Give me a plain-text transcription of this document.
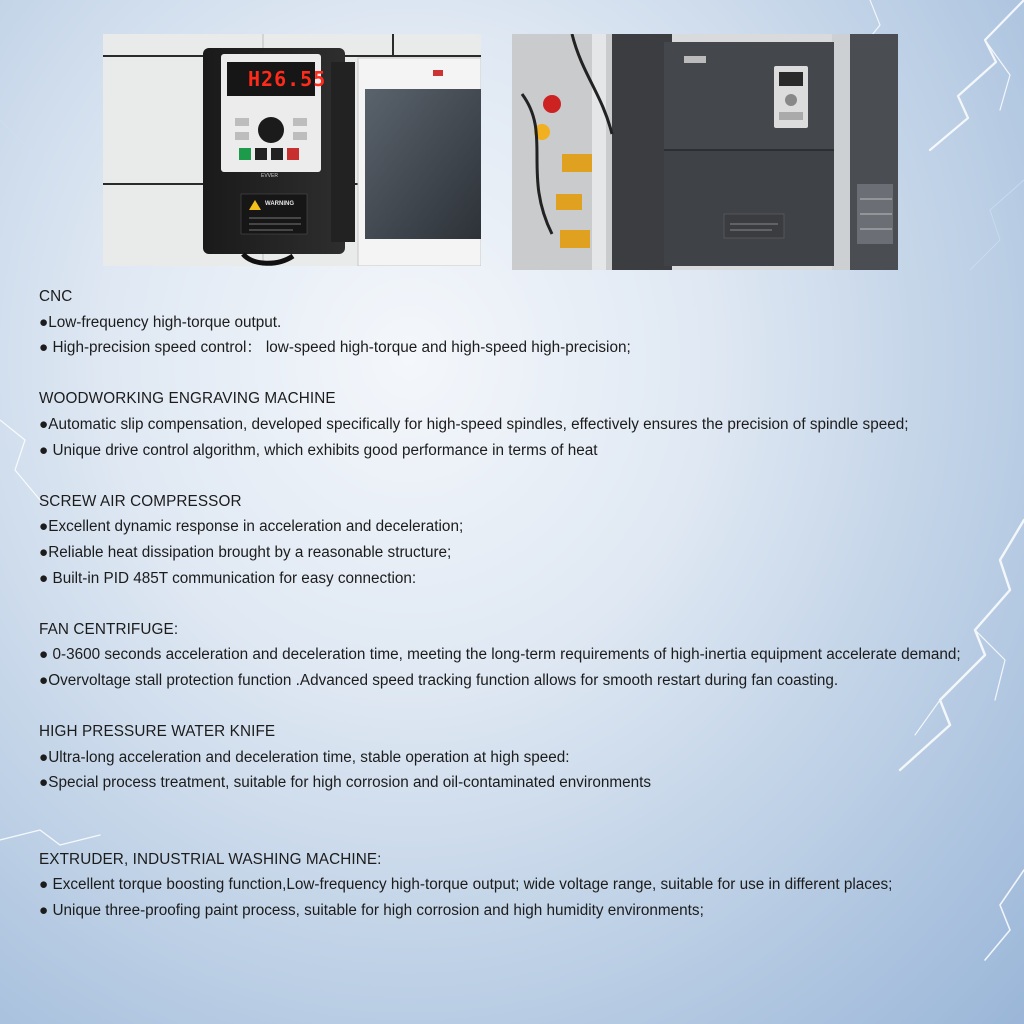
H26.55
EVVER
WARNING
CNC
●Low-frequency high-torque output.
● High-precision speed control： low-speed high-torque and high-speed high-precision;
WOODWORKING ENGRAVING MACHINE
●Automatic slip compensation, developed specifically for high-speed spindles, effectively ensures the precision of spindle speed;
● Unique drive control algorithm, which exhibits good performance in terms of heat
SCREW AIR COMPRESSOR
●Excellent dynamic response in acceleration and deceleration;
●Reliable heat dissipation brought by a reasonable structure;
● Built-in PID 485T communication for easy connection:
FAN CENTRIFUGE:
● 0-3600 seconds acceleration and deceleration time, meeting the long-term requirements of high-inertia equipment accelerate demand;
●Overvoltage stall protection function .Advanced speed tracking function allows for smooth restart during fan coasting.
HIGH PRESSURE WATER KNIFE
●Ultra-long acceleration and deceleration time, stable operation at high speed:
●Special process treatment, suitable for high corrosion and oil-contaminated environments
EXTRUDER, INDUSTRIAL WASHING MACHINE:
● Excellent torque boosting function,Low-frequency high-torque output; wide voltage range, suitable for use in different places;
● Unique three-proofing paint process, suitable for high corrosion and high humidity environments;
